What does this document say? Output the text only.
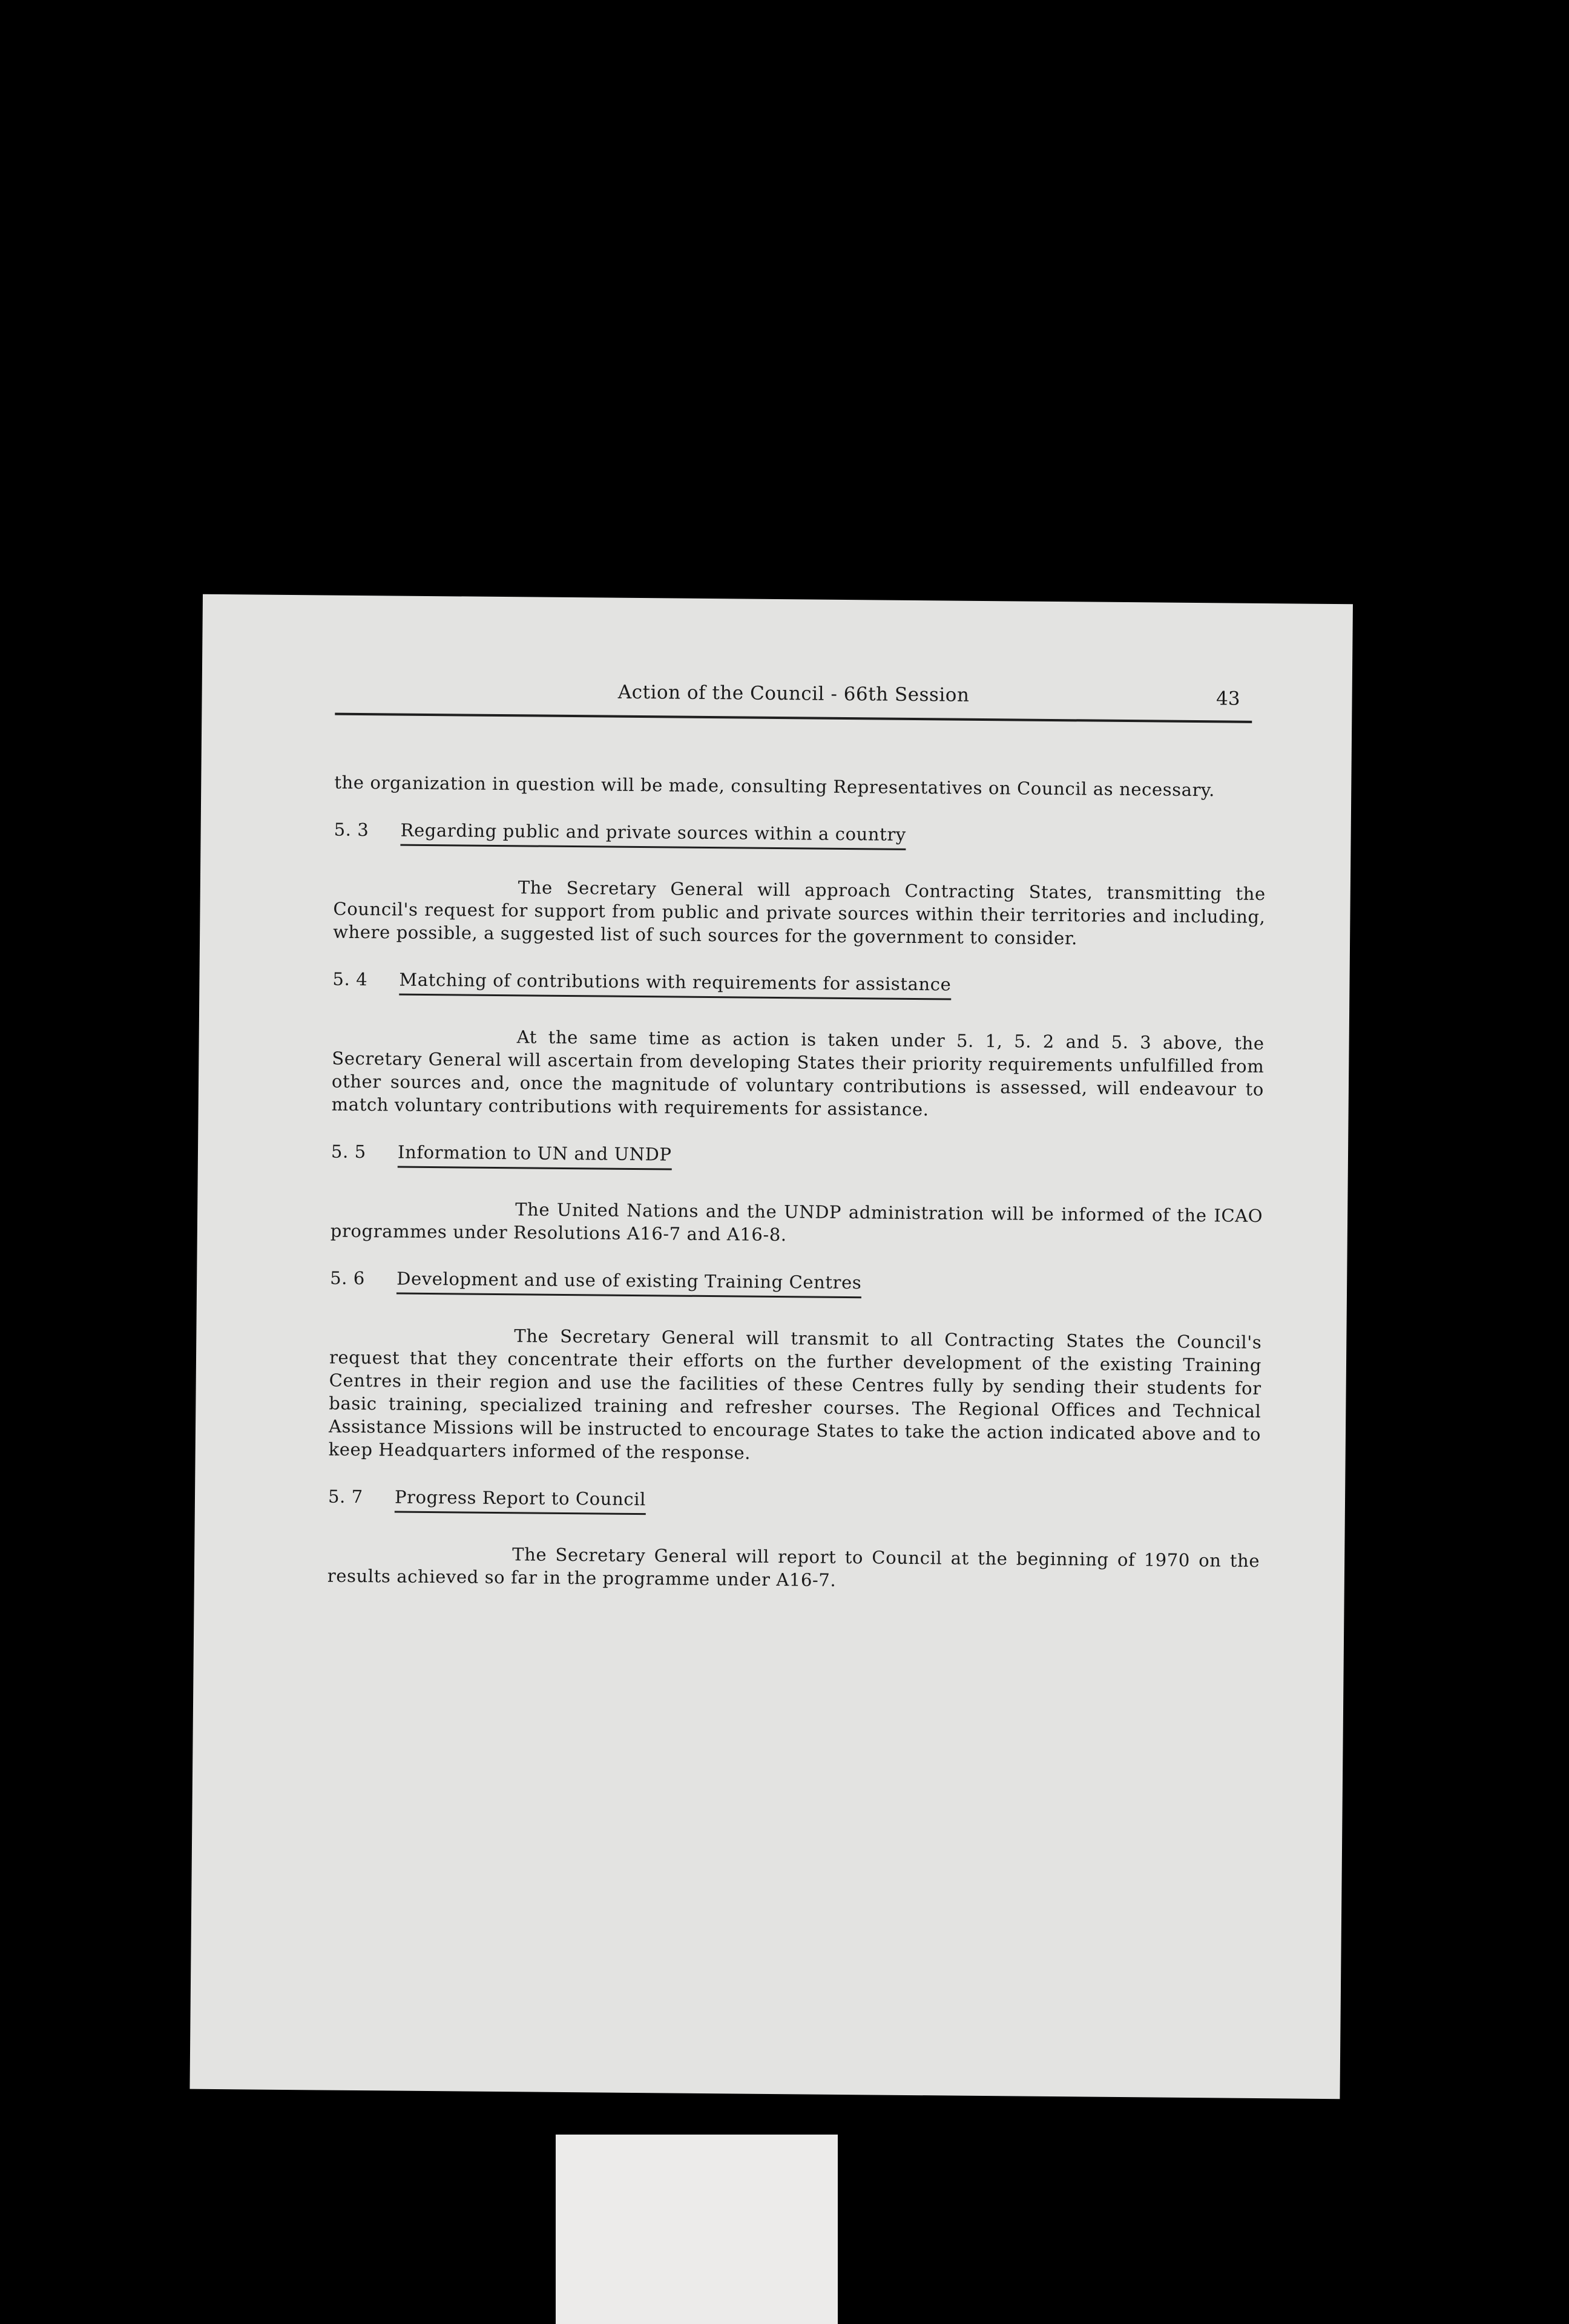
Action of the Council - 66th Session	43

the organization in question will be made, consulting Representatives on Council as necessary.

5. 3	Regarding public and private sources within a country

The Secretary General will approach Contracting States, transmitting the Council's request for support from public and private sources within their territories and including, where possible, a suggested list of such sources for the government to consider.

5. 4	Matching of contributions with requirements for assistance

At the same time as action is taken under 5. 1, 5. 2 and 5. 3 above, the Secretary General will ascertain from developing States their priority requirements unfulfilled from other sources and, once the magnitude of voluntary contributions is assessed, will endeavour to match voluntary contributions with requirements for assistance.

5. 5	Information to UN and UNDP

The United Nations and the UNDP administration will be informed of the ICAO programmes under Resolutions A16-7 and A16-8.

5. 6	Development and use of existing Training Centres

The Secretary General will transmit to all Contracting States the Council's request that they concentrate their efforts on the further development of the existing Training Centres in their region and use the facilities of these Centres fully by sending their students for basic training, specialized training and refresher courses. The Regional Offices and Technical Assistance Missions will be instructed to encourage States to take the action indicated above and to keep Headquarters informed of the response.

5. 7	Progress Report to Council

The Secretary General will report to Council at the beginning of 1970 on the results achieved so far in the programme under A16-7.
